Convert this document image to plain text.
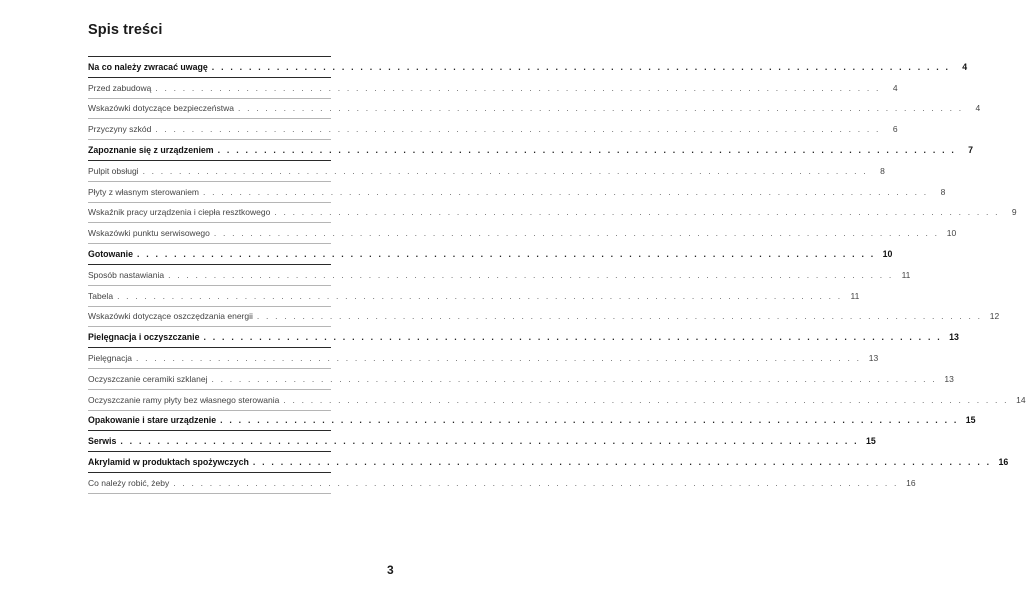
Spis treści
Na co należy zwracać uwagę . . . . . . . . . . . . . . . . . . . . . . . . . . . . . . . . . . . . . . . . . . . . . . . . . . . . . . . . . . . . . . . . . . . . . . . . . . . . . . . .	4
Przed zabudową . . . . . . . . . . . . . . . . . . . . . . . . . . . . . . . . . . . . . . . . . . . . . . . . . . . . . . . . . . . . . . . . . . . . . . . . . . . . . . . .	4
Wskazówki dotyczące bezpieczeństwa . . . . . . . . . . . . . . . . . . . . . . . . . . . . . . . . . . . . . . . . . . . . . . . . . . . . . . . . . . . . . . . . . . . . . . . . . . . . . . . .	4
Przyczyny szkód . . . . . . . . . . . . . . . . . . . . . . . . . . . . . . . . . . . . . . . . . . . . . . . . . . . . . . . . . . . . . . . . . . . . . . . . . . . . . . . .	6
Zapoznanie się z urządzeniem . . . . . . . . . . . . . . . . . . . . . . . . . . . . . . . . . . . . . . . . . . . . . . . . . . . . . . . . . . . . . . . . . . . . . . . . . . . . . . . .	7
Pulpit obsługi . . . . . . . . . . . . . . . . . . . . . . . . . . . . . . . . . . . . . . . . . . . . . . . . . . . . . . . . . . . . . . . . . . . . . . . . . . . . . . . .	8
Płyty z własnym sterowaniem . . . . . . . . . . . . . . . . . . . . . . . . . . . . . . . . . . . . . . . . . . . . . . . . . . . . . . . . . . . . . . . . . . . . . . . . . . . . . . . .	8
Wskaźnik pracy urządzenia i ciepła resztkowego . . . . . . . . . . . . . . . . . . . . . . . . . . . . . . . . . . . . . . . . . . . . . . . . . . . . . . . . . . . . . . . . . . . . . . . . . . . . . . . .	9
Wskazówki punktu serwisowego . . . . . . . . . . . . . . . . . . . . . . . . . . . . . . . . . . . . . . . . . . . . . . . . . . . . . . . . . . . . . . . . . . . . . . . . . . . . . . . . 10
Gotowanie . . . . . . . . . . . . . . . . . . . . . . . . . . . . . . . . . . . . . . . . . . . . . . . . . . . . . . . . . . . . . . . . . . . . . . . . . . . . . . . . 10
Sposób nastawiania . . . . . . . . . . . . . . . . . . . . . . . . . . . . . . . . . . . . . . . . . . . . . . . . . . . . . . . . . . . . . . . . . . . . . . . . . . . . . . . . 11
Tabela . . . . . . . . . . . . . . . . . . . . . . . . . . . . . . . . . . . . . . . . . . . . . . . . . . . . . . . . . . . . . . . . . . . . . . . . . . . . . . . . 11
Wskazówki dotyczące oszczędzania energii . . . . . . . . . . . . . . . . . . . . . . . . . . . . . . . . . . . . . . . . . . . . . . . . . . . . . . . . . . . . . . . . . . . . . . . . . . . . . . . . 12
Pielęgnacja i oczyszczanie . . . . . . . . . . . . . . . . . . . . . . . . . . . . . . . . . . . . . . . . . . . . . . . . . . . . . . . . . . . . . . . . . . . . . . . . . . . . . . . . 13
Pielęgnacja . . . . . . . . . . . . . . . . . . . . . . . . . . . . . . . . . . . . . . . . . . . . . . . . . . . . . . . . . . . . . . . . . . . . . . . . . . . . . . . . 13
Oczyszczanie ceramiki szklanej . . . . . . . . . . . . . . . . . . . . . . . . . . . . . . . . . . . . . . . . . . . . . . . . . . . . . . . . . . . . . . . . . . . . . . . . . . . . . . . . 13
Oczyszczanie ramy płyty bez własnego sterowania . . . . . . . . . . . . . . . . . . . . . . . . . . . . . . . . . . . . . . . . . . . . . . . . . . . . . . . . . . . . . . . . . . . . . . . . . . . . . . . . 14
Opakowanie i stare urządzenie . . . . . . . . . . . . . . . . . . . . . . . . . . . . . . . . . . . . . . . . . . . . . . . . . . . . . . . . . . . . . . . . . . . . . . . . . . . . . . . . 15
Serwis . . . . . . . . . . . . . . . . . . . . . . . . . . . . . . . . . . . . . . . . . . . . . . . . . . . . . . . . . . . . . . . . . . . . . . . . . . . . . . . . 15
Akrylamid w produktach spożywczych . . . . . . . . . . . . . . . . . . . . . . . . . . . . . . . . . . . . . . . . . . . . . . . . . . . . . . . . . . . . . . . . . . . . . . . . . . . . . . . . 16
Co należy robić, żeby . . . . . . . . . . . . . . . . . . . . . . . . . . . . . . . . . . . . . . . . . . . . . . . . . . . . . . . . . . . . . . . . . . . . . . . . . . . . . . . . 16
3
